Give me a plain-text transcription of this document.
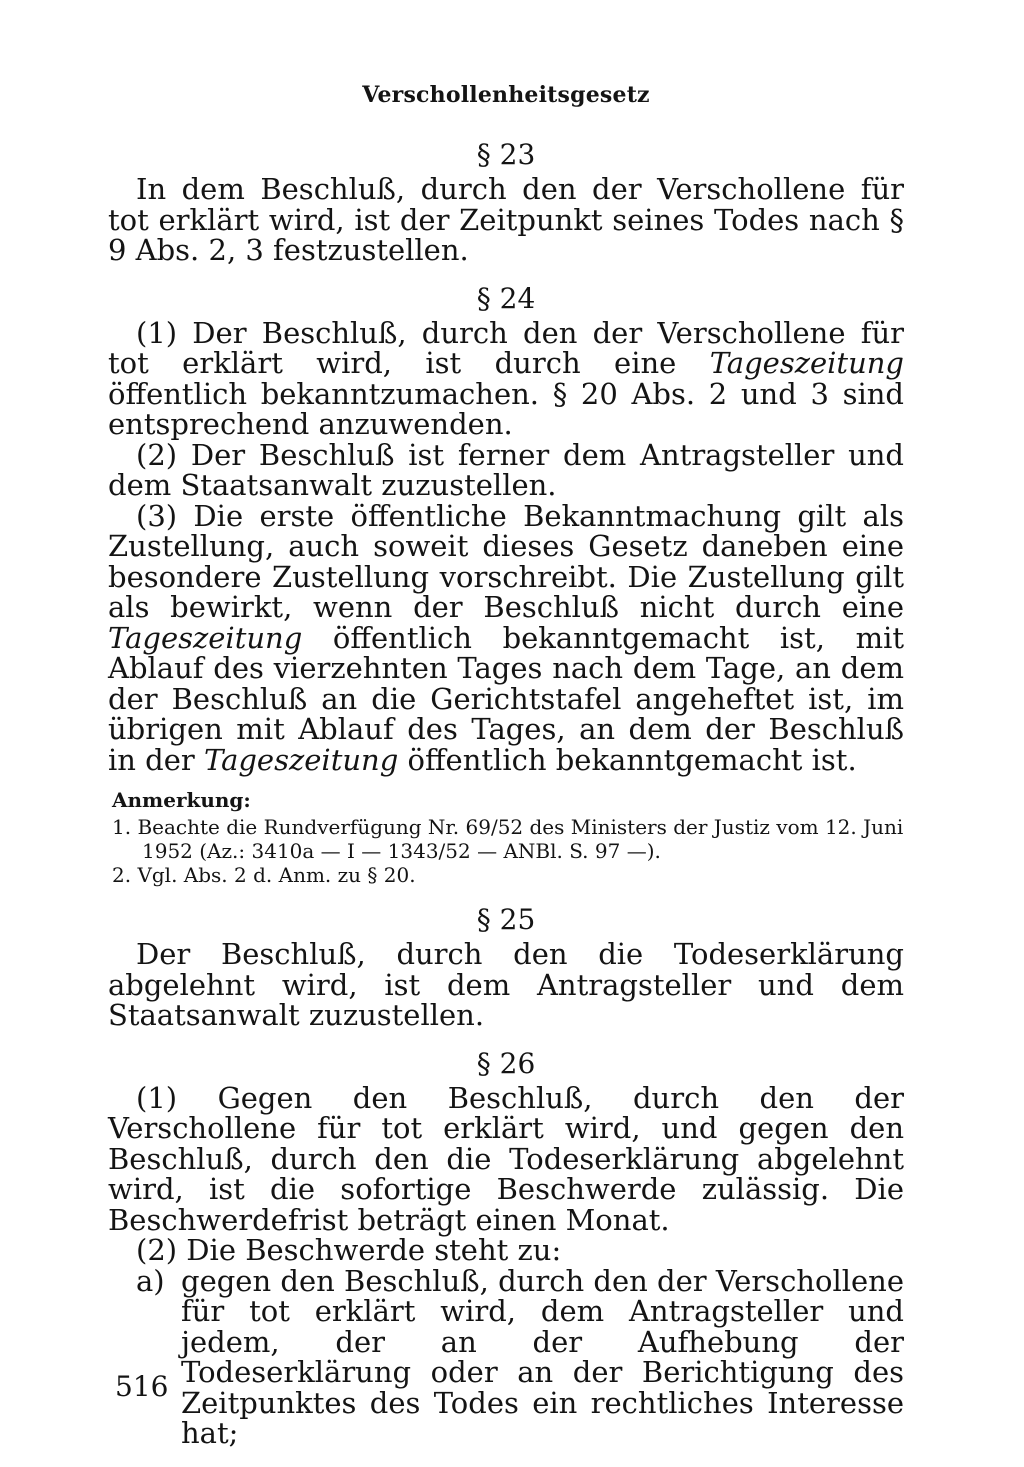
Verschollenheitsgesetz
§ 23

In dem Beschluß, durch den der Verschollene für tot erklärt wird, ist der Zeitpunkt seines Todes nach § 9 Abs. 2, 3 festzustellen.

§ 24

(1) Der Beschluß, durch den der Verschollene für tot erklärt wird, ist durch eine Tageszeitung öffentlich bekanntzumachen. § 20 Abs. 2 und 3 sind entsprechend anzuwenden.

(2) Der Beschluß ist ferner dem Antragsteller und dem Staatsanwalt zuzustellen.

(3) Die erste öffentliche Bekanntmachung gilt als Zustellung, auch soweit dieses Gesetz daneben eine besondere Zustellung vorschreibt. Die Zustellung gilt als bewirkt, wenn der Beschluß nicht durch eine Tageszeitung öffentlich bekanntgemacht ist, mit Ablauf des vierzehnten Tages nach dem Tage, an dem der Beschluß an die Gerichtstafel angeheftet ist, im übrigen mit Ablauf des Tages, an dem der Beschluß in der Tageszeitung öffentlich bekanntgemacht ist.

Anmerkung:
1. Beachte die Rundverfügung Nr. 69/52 des Ministers der Justiz vom 12. Juni 1952 (Az.: 3410a — I — 1343/52 — ANBl. S. 97 —).
2. Vgl. Abs. 2 d. Anm. zu § 20.
§ 25

Der Beschluß, durch den die Todeserklärung abgelehnt wird, ist dem Antragsteller und dem Staatsanwalt zuzustellen.

§ 26

(1) Gegen den Beschluß, durch den der Verschollene für tot erklärt wird, und gegen den Beschluß, durch den die Todeserklärung abgelehnt wird, ist die sofortige Beschwerde zulässig. Die Beschwerdefrist beträgt einen Monat.

(2) Die Beschwerde steht zu:

a) gegen den Beschluß, durch den der Verschollene für tot erklärt wird, dem Antragsteller und jedem, der an der Aufhebung der Todeserklärung oder an der Berichtigung des Zeitpunktes des Todes ein rechtliches Interesse hat;
516
